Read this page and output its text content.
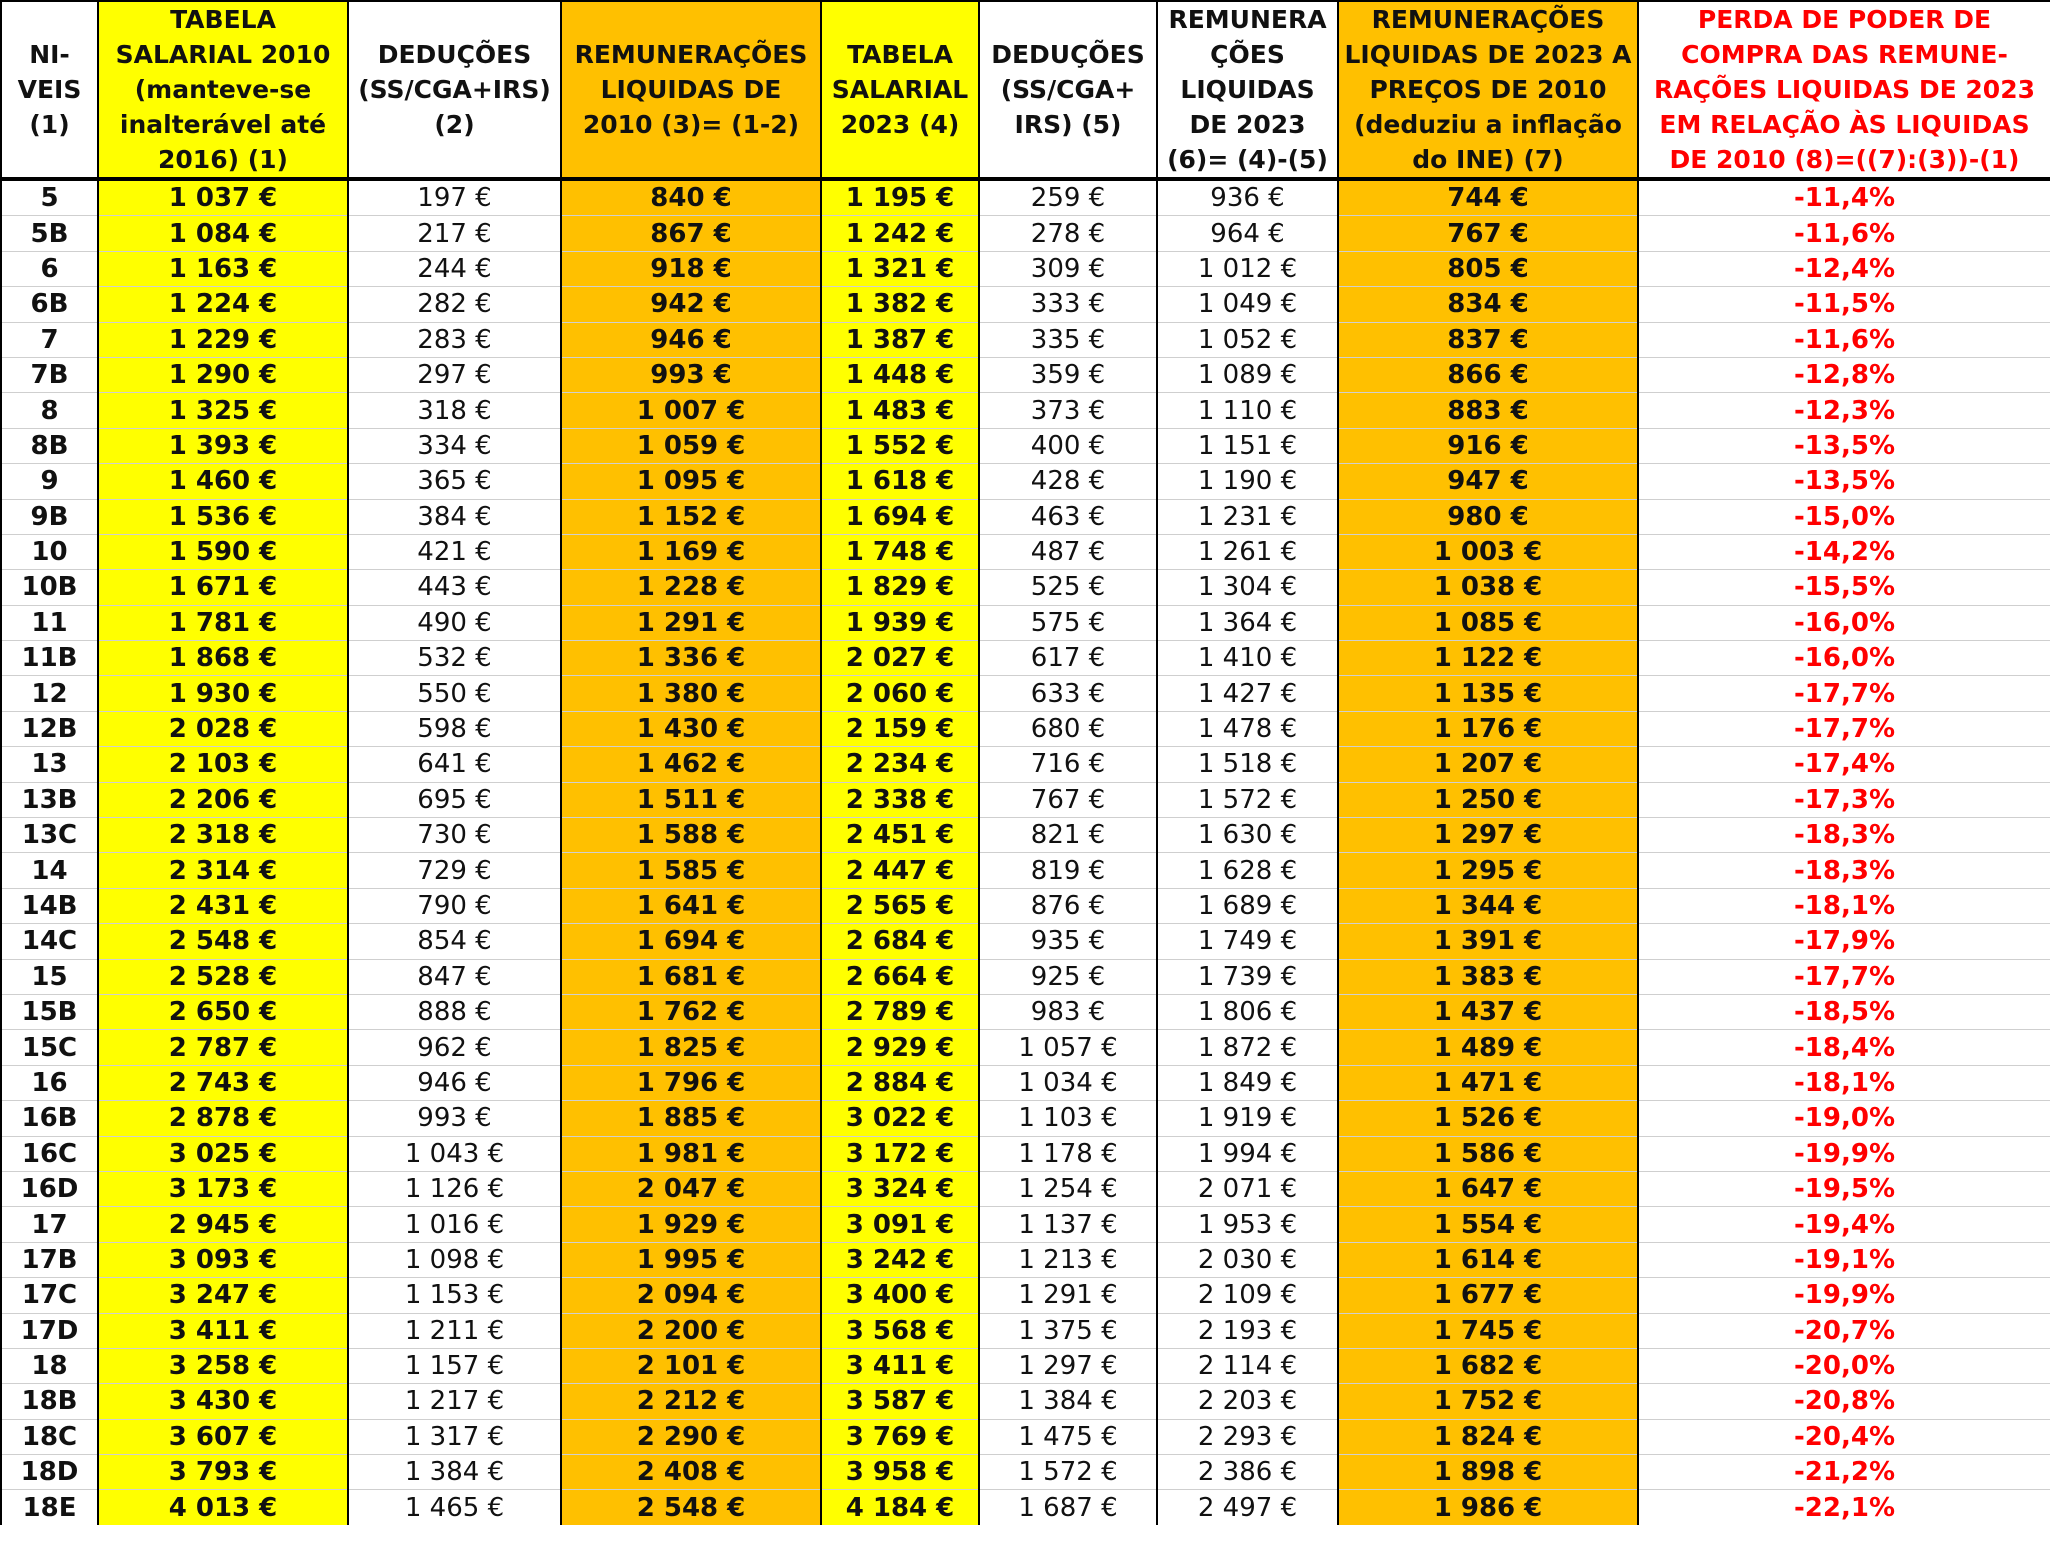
NI-
VEIS
(1)	TABELA
SALARIAL 2010
(manteve-se
inalterável até
2016) (1)	DEDUÇÕES
(SS/CGA+IRS)
(2)	REMUNERAÇÕES
LIQUIDAS DE
2010 (3)= (1-2)	TABELA
SALARIAL
2023 (4)	DEDUÇÕES
(SS/CGA+
IRS) (5)	REMUNERA
ÇÕES
LIQUIDAS
DE 2023
(6)= (4)-(5)	REMUNERAÇÕES
LIQUIDAS DE 2023 A
PREÇOS DE 2010
(deduziu a inflação
do INE) (7)	PERDA DE PODER DE
COMPRA DAS REMUNE-
RAÇÕES LIQUIDAS DE 2023
EM RELAÇÃO ÀS LIQUIDAS
DE 2010 (8)=((7):(3))-(1)
5	1 037 €	197 €	840 €	1 195 €	259 €	936 €	744 €	-11,4%
5B	1 084 €	217 €	867 €	1 242 €	278 €	964 €	767 €	-11,6%
6	1 163 €	244 €	918 €	1 321 €	309 €	1 012 €	805 €	-12,4%
6B	1 224 €	282 €	942 €	1 382 €	333 €	1 049 €	834 €	-11,5%
7	1 229 €	283 €	946 €	1 387 €	335 €	1 052 €	837 €	-11,6%
7B	1 290 €	297 €	993 €	1 448 €	359 €	1 089 €	866 €	-12,8%
8	1 325 €	318 €	1 007 €	1 483 €	373 €	1 110 €	883 €	-12,3%
8B	1 393 €	334 €	1 059 €	1 552 €	400 €	1 151 €	916 €	-13,5%
9	1 460 €	365 €	1 095 €	1 618 €	428 €	1 190 €	947 €	-13,5%
9B	1 536 €	384 €	1 152 €	1 694 €	463 €	1 231 €	980 €	-15,0%
10	1 590 €	421 €	1 169 €	1 748 €	487 €	1 261 €	1 003 €	-14,2%
10B	1 671 €	443 €	1 228 €	1 829 €	525 €	1 304 €	1 038 €	-15,5%
11	1 781 €	490 €	1 291 €	1 939 €	575 €	1 364 €	1 085 €	-16,0%
11B	1 868 €	532 €	1 336 €	2 027 €	617 €	1 410 €	1 122 €	-16,0%
12	1 930 €	550 €	1 380 €	2 060 €	633 €	1 427 €	1 135 €	-17,7%
12B	2 028 €	598 €	1 430 €	2 159 €	680 €	1 478 €	1 176 €	-17,7%
13	2 103 €	641 €	1 462 €	2 234 €	716 €	1 518 €	1 207 €	-17,4%
13B	2 206 €	695 €	1 511 €	2 338 €	767 €	1 572 €	1 250 €	-17,3%
13C	2 318 €	730 €	1 588 €	2 451 €	821 €	1 630 €	1 297 €	-18,3%
14	2 314 €	729 €	1 585 €	2 447 €	819 €	1 628 €	1 295 €	-18,3%
14B	2 431 €	790 €	1 641 €	2 565 €	876 €	1 689 €	1 344 €	-18,1%
14C	2 548 €	854 €	1 694 €	2 684 €	935 €	1 749 €	1 391 €	-17,9%
15	2 528 €	847 €	1 681 €	2 664 €	925 €	1 739 €	1 383 €	-17,7%
15B	2 650 €	888 €	1 762 €	2 789 €	983 €	1 806 €	1 437 €	-18,5%
15C	2 787 €	962 €	1 825 €	2 929 €	1 057 €	1 872 €	1 489 €	-18,4%
16	2 743 €	946 €	1 796 €	2 884 €	1 034 €	1 849 €	1 471 €	-18,1%
16B	2 878 €	993 €	1 885 €	3 022 €	1 103 €	1 919 €	1 526 €	-19,0%
16C	3 025 €	1 043 €	1 981 €	3 172 €	1 178 €	1 994 €	1 586 €	-19,9%
16D	3 173 €	1 126 €	2 047 €	3 324 €	1 254 €	2 071 €	1 647 €	-19,5%
17	2 945 €	1 016 €	1 929 €	3 091 €	1 137 €	1 953 €	1 554 €	-19,4%
17B	3 093 €	1 098 €	1 995 €	3 242 €	1 213 €	2 030 €	1 614 €	-19,1%
17C	3 247 €	1 153 €	2 094 €	3 400 €	1 291 €	2 109 €	1 677 €	-19,9%
17D	3 411 €	1 211 €	2 200 €	3 568 €	1 375 €	2 193 €	1 745 €	-20,7%
18	3 258 €	1 157 €	2 101 €	3 411 €	1 297 €	2 114 €	1 682 €	-20,0%
18B	3 430 €	1 217 €	2 212 €	3 587 €	1 384 €	2 203 €	1 752 €	-20,8%
18C	3 607 €	1 317 €	2 290 €	3 769 €	1 475 €	2 293 €	1 824 €	-20,4%
18D	3 793 €	1 384 €	2 408 €	3 958 €	1 572 €	2 386 €	1 898 €	-21,2%
18E	4 013 €	1 465 €	2 548 €	4 184 €	1 687 €	2 497 €	1 986 €	-22,1%
